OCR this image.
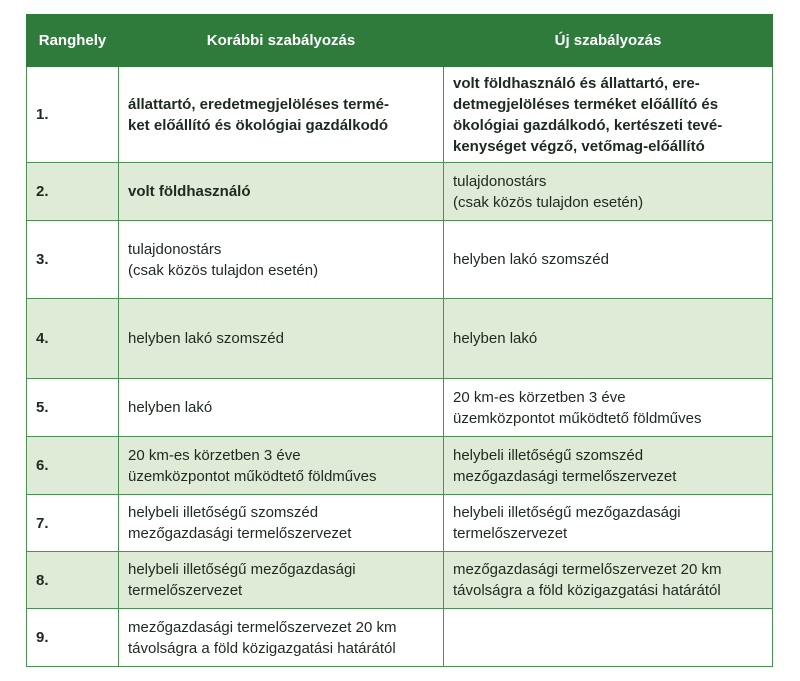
Ranghely	Korábbi szabályozás	Új szabályozás
1.	állattartó, eredetmegjelöléses termé-
ket előállító és ökológiai gazdálkodó	volt földhasználó és állattartó, ere-
detmegjelöléses terméket előállító és
ökológiai gazdálkodó, kertészeti tevé-
kenységet végző, vetőmag-előállító

2.	volt földhasználó	tulajdonostárs
(csak közös tulajdon esetén)

3.	tulajdonostárs
(csak közös tulajdon esetén)	helyben lakó szomszéd

4.	helyben lakó szomszéd	helyben lakó

5.	helyben lakó	20 km-es körzetben 3 éve
üzemközpontot működtető földműves

6.	20 km-es körzetben 3 éve
üzemközpontot működtető földműves	helybeli illetőségű szomszéd
mezőgazdasági termelőszervezet

7.	helybeli illetőségű szomszéd
mezőgazdasági termelőszervezet	helybeli illetőségű mezőgazdasági
termelőszervezet

8.	helybeli illetőségű mezőgazdasági
termelőszervezet	mezőgazdasági termelőszervezet 20 km
távolságra a föld közigazgatási határától

9.	mezőgazdasági termelőszervezet 20 km
távolságra a föld közigazgatási határától	
